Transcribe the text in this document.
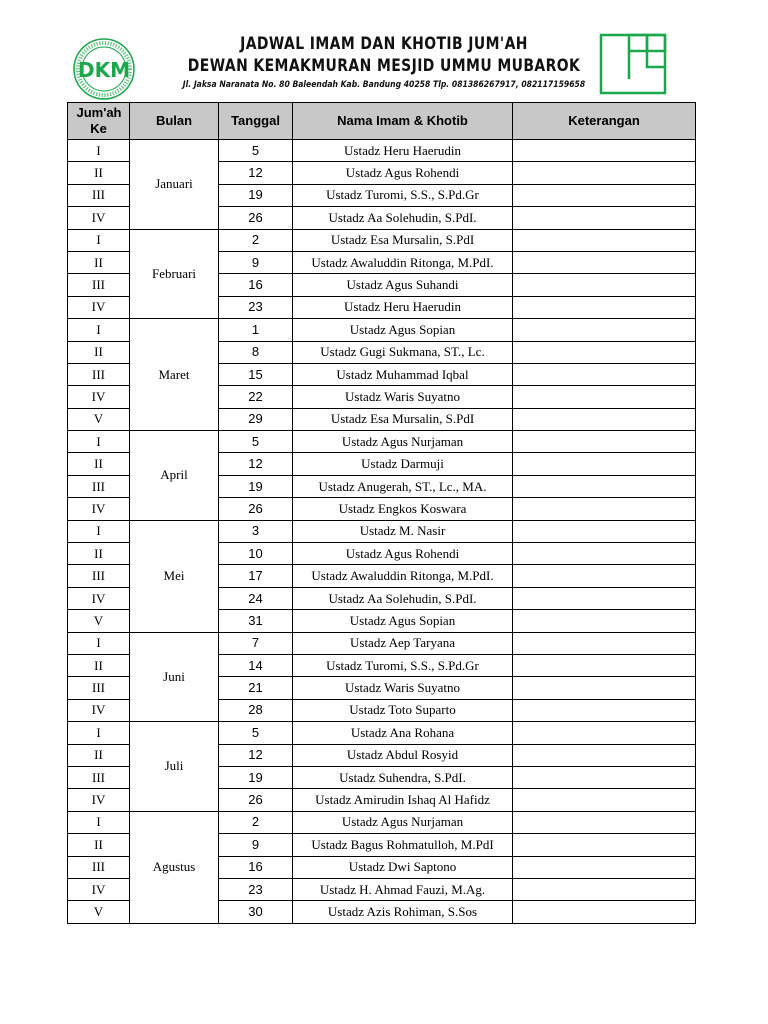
DKM
JADWAL IMAM DAN KHOTIB JUM'AH
DEWAN KEMAKMURAN MESJID UMMU MUBAROK
Jl. Jaksa Naranata No. 80 Baleendah Kab. Bandung 40258 Tlp. 081386267917, 082117159658
Jum'ah Ke	Bulan	Tanggal	Nama Imam & Khotib	Keterangan
I	Januari	5	Ustadz Heru Haerudin	
II		12	Ustadz Agus Rohendi	
III		19	Ustadz Turomi, S.S., S.Pd.Gr	
IV		26	Ustadz Aa Solehudin, S.PdI.	
I	Februari	2	Ustadz Esa Mursalin, S.PdI	
II		9	Ustadz Awaluddin Ritonga, M.PdI.	
III		16	Ustadz Agus Suhandi	
IV		23	Ustadz Heru Haerudin	
I	Maret	1	Ustadz Agus Sopian	
II		8	Ustadz Gugi Sukmana, ST., Lc.	
III		15	Ustadz Muhammad Iqbal	
IV		22	Ustadz Waris Suyatno	
V		29	Ustadz Esa Mursalin, S.PdI	
I	April	5	Ustadz Agus Nurjaman	
II		12	Ustadz Darmuji	
III		19	Ustadz Anugerah, ST., Lc., MA.	
IV		26	Ustadz Engkos Koswara	
I	Mei	3	Ustadz M. Nasir	
II		10	Ustadz Agus Rohendi	
III		17	Ustadz Awaluddin Ritonga, M.PdI.	
IV		24	Ustadz Aa Solehudin, S.PdI.	
V		31	Ustadz Agus Sopian	
I	Juni	7	Ustadz Aep Taryana	
II		14	Ustadz Turomi, S.S., S.Pd.Gr	
III		21	Ustadz Waris Suyatno	
IV		28	Ustadz Toto Suparto	
I	Juli	5	Ustadz Ana Rohana	
II		12	Ustadz Abdul Rosyid	
III		19	Ustadz Suhendra, S.PdI.	
IV		26	Ustadz Amirudin Ishaq Al Hafidz	
I	Agustus	2	Ustadz Agus Nurjaman	
II		9	Ustadz Bagus Rohmatulloh, M.PdI	
III		16	Ustadz Dwi Saptono	
IV		23	Ustadz H. Ahmad Fauzi, M.Ag.	
V		30	Ustadz Azis Rohiman, S.Sos	
